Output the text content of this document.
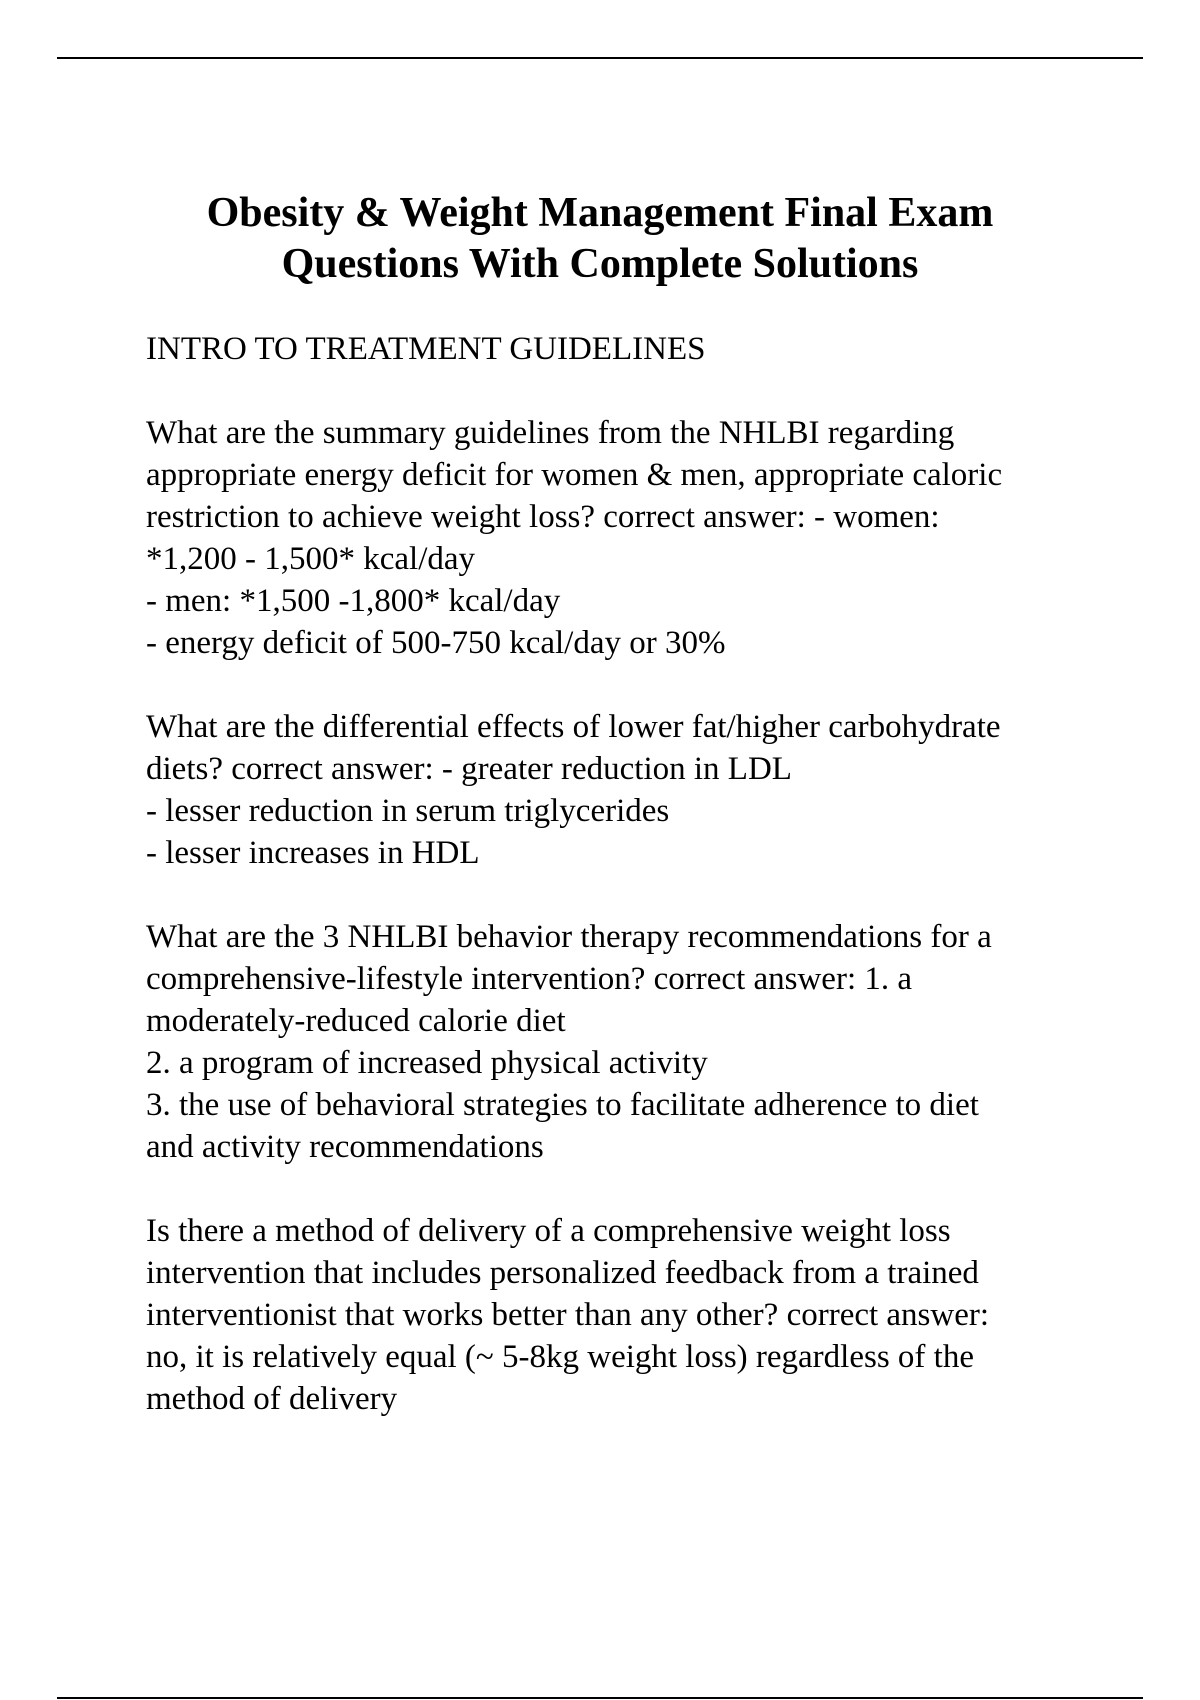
Obesity & Weight Management Final Exam
Questions With Complete Solutions
INTRO TO TREATMENT GUIDELINES
What are the summary guidelines from the NHLBI regarding
appropriate energy deficit for women & men, appropriate caloric
restriction to achieve weight loss? correct answer: - women:
*1,200 - 1,500* kcal/day
- men: *1,500 -1,800* kcal/day
- energy deficit of 500-750 kcal/day or 30%
What are the differential effects of lower fat/higher carbohydrate
diets? correct answer: - greater reduction in LDL
- lesser reduction in serum triglycerides
- lesser increases in HDL
What are the 3 NHLBI behavior therapy recommendations for a
comprehensive-lifestyle intervention? correct answer: 1. a
moderately-reduced calorie diet
2. a program of increased physical activity
3. the use of behavioral strategies to facilitate adherence to diet
and activity recommendations
Is there a method of delivery of a comprehensive weight loss
intervention that includes personalized feedback from a trained
interventionist that works better than any other? correct answer:
no, it is relatively equal (~ 5-8kg weight loss) regardless of the
method of delivery
